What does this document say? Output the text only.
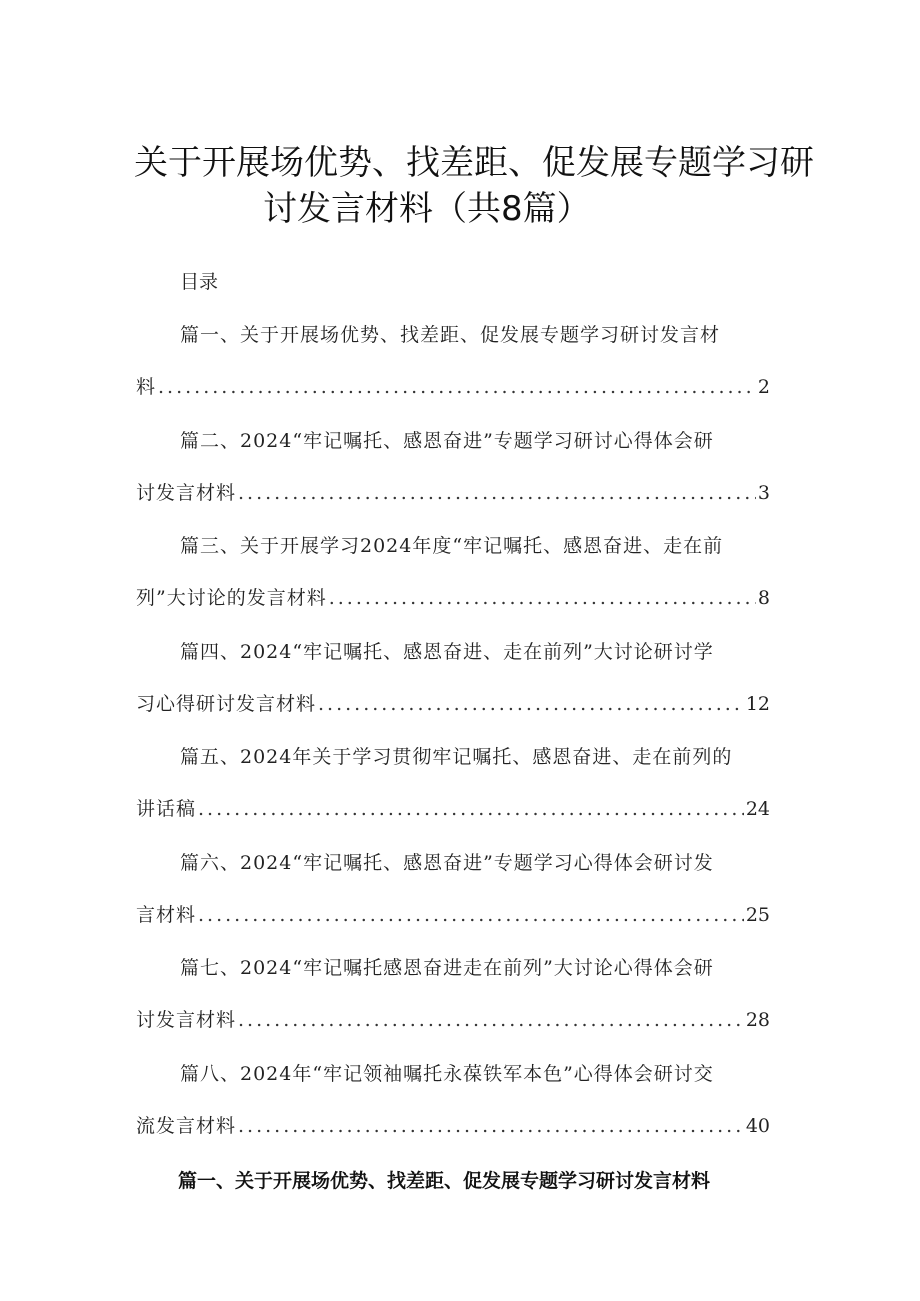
关于开展场优势、找差距、促发展专题学习研
讨发言材料（共8篇）
目录
篇一、关于开展场优势、找差距、促发展专题学习研讨发言材
料 .....	2
篇二、2024“牢记嘱托、感恩奋进”专题学习研讨心得体会研
讨发言材料 .....	3
篇三、关于开展学习2024年度“牢记嘱托、感恩奋进、走在前
列”大讨论的发言材料 .....	8
篇四、2024“牢记嘱托、感恩奋进、走在前列”大讨论研讨学
习心得研讨发言材料 .....	12
篇五、2024年关于学习贯彻牢记嘱托、感恩奋进、走在前列的
讲话稿 .....	24
篇六、2024“牢记嘱托、感恩奋进”专题学习心得体会研讨发
言材料 .....	25
篇七、2024“牢记嘱托感恩奋进走在前列”大讨论心得体会研
讨发言材料 .....	28
篇八、2024年“牢记领袖嘱托永葆铁军本色”心得体会研讨交
流发言材料 .....	40
篇一、关于开展场优势、找差距、促发展专题学习研讨发言材料
